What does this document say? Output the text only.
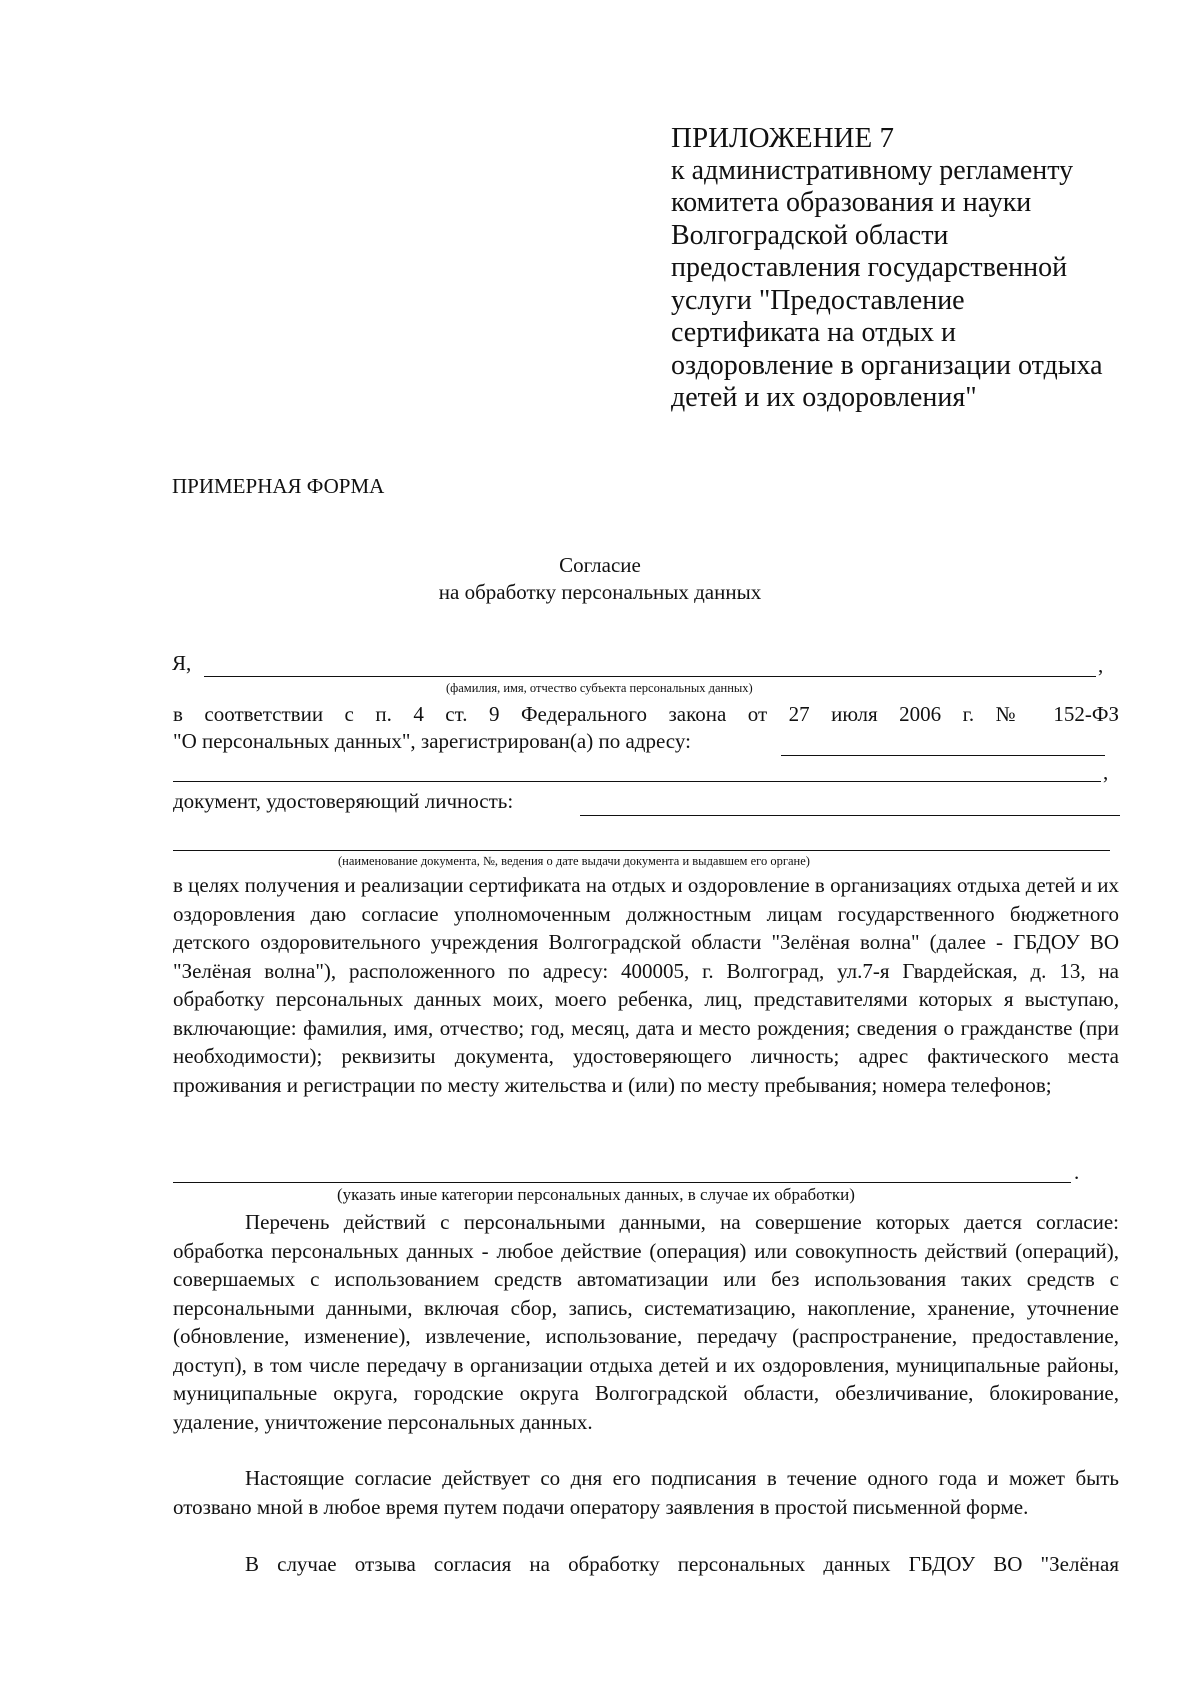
ПРИЛОЖЕНИЕ 7
к административному регламенту
комитета образования и науки
Волгоградской области
предоставления государственной
услуги "Предоставление
сертификата на отдых и
оздоровление в организации отдыха
детей и их оздоровления"
ПРИМЕРНАЯ ФОРМА
Согласие
на обработку персональных данных
Я,	,
(фамилия, имя, отчество субъекта персональных данных)
в соответствии с п. 4 ст. 9 Федерального закона от 27 июля 2006 г. № 152-ФЗ
"О персональных данных", зарегистрирован(а) по адресу:
,
документ, удостоверяющий личность:
(наименование документа, №, ведения о дате выдачи документа и выдавшем его органе)

в целях получения и реализации сертификата на отдых и оздоровление в организациях отдыха детей и их оздоровления даю согласие уполномоченным должностным лицам государственного бюджетного детского оздоровительного учреждения Волгоградской области "Зелёная волна" (далее - ГБДОУ ВО "Зелёная волна"), расположенного по адресу: 400005, г. Волгоград, ул.7-я Гвардейская, д. 13, на обработку персональных данных моих, моего ребенка, лиц, представителями которых я выступаю, включающие: фамилия, имя, отчество; год, месяц, дата и место рождения; сведения о гражданстве (при необходимости); реквизиты документа, удостоверяющего личность; адрес фактического места проживания и регистрации по месту жительства и (или) по месту пребывания; номера телефонов;

.
(указать иные категории персональных данных, в случае их обработки)

Перечень действий с персональными данными, на совершение которых дается согласие: обработка персональных данных - любое действие (операция) или совокупность действий (операций), совершаемых с использованием средств автоматизации или без использования таких средств с персональными данными, включая сбор, запись, систематизацию, накопление, хранение, уточнение (обновление, изменение), извлечение, использование, передачу (распространение, предоставление, доступ), в том числе передачу в организации отдыха детей и их оздоровления, муниципальные районы, муниципальные округа, городские округа Волгоградской области, обезличивание, блокирование, удаление, уничтожение персональных данных.

Настоящие согласие действует со дня его подписания в течение одного года и может быть отозвано мной в любое время путем подачи оператору заявления в простой письменной форме.

В случае отзыва согласия на обработку персональных данных ГБДОУ ВО "Зелёная
